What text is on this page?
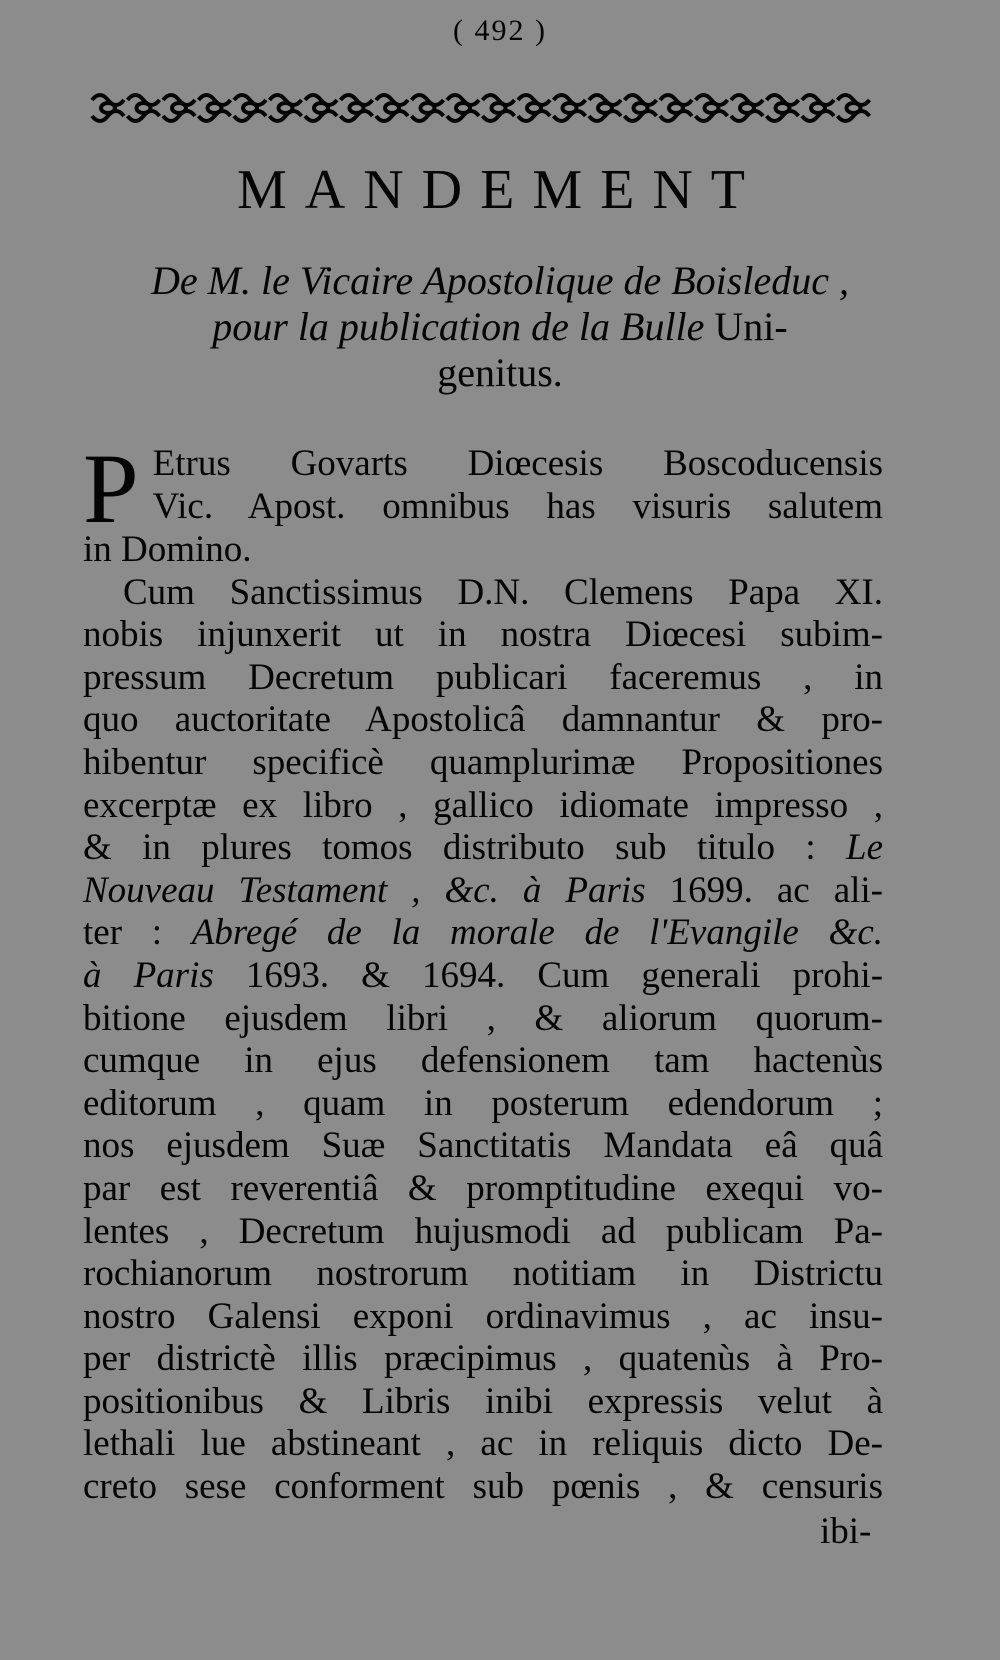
( 492 )
MANDEMENT
De M. le Vicaire Apostolique de Boisleduc ,
pour la publication de la Bulle Uni-
genitus.
P Etrus Govarts Diœcesis Boscoducensis
Vic. Apost. omnibus has visuris salutem
in Domino.
Cum Sanctissimus D.N. Clemens Papa XI.
nobis injunxerit ut in nostra Diœcesi subim-
pressum Decretum publicari faceremus , in
quo auctoritate Apostolicâ damnantur & pro-
hibentur specificè quamplurimæ Propositiones
excerptæ ex libro , gallico idiomate impresso ,
& in plures tomos distributo sub titulo : Le
Nouveau Testament , &c. à Paris 1699. ac ali-
ter : Abregé de la morale de l'Evangile &c.
à Paris 1693. & 1694. Cum generali prohi-
bitione ejusdem libri , & aliorum quorum-
cumque in ejus defensionem tam hactenùs
editorum , quam in posterum edendorum ;
nos ejusdem Suæ Sanctitatis Mandata eâ quâ
par est reverentiâ & promptitudine exequi vo-
lentes , Decretum hujusmodi ad publicam Pa-
rochianorum nostrorum notitiam in Districtu
nostro Galensi exponi ordinavimus , ac insu-
per districtè illis præcipimus , quatenùs à Pro-
positionibus & Libris inibi expressis velut à
lethali lue abstineant , ac in reliquis dicto De-
creto sese conforment sub pœnis , & censuris
ibi-
